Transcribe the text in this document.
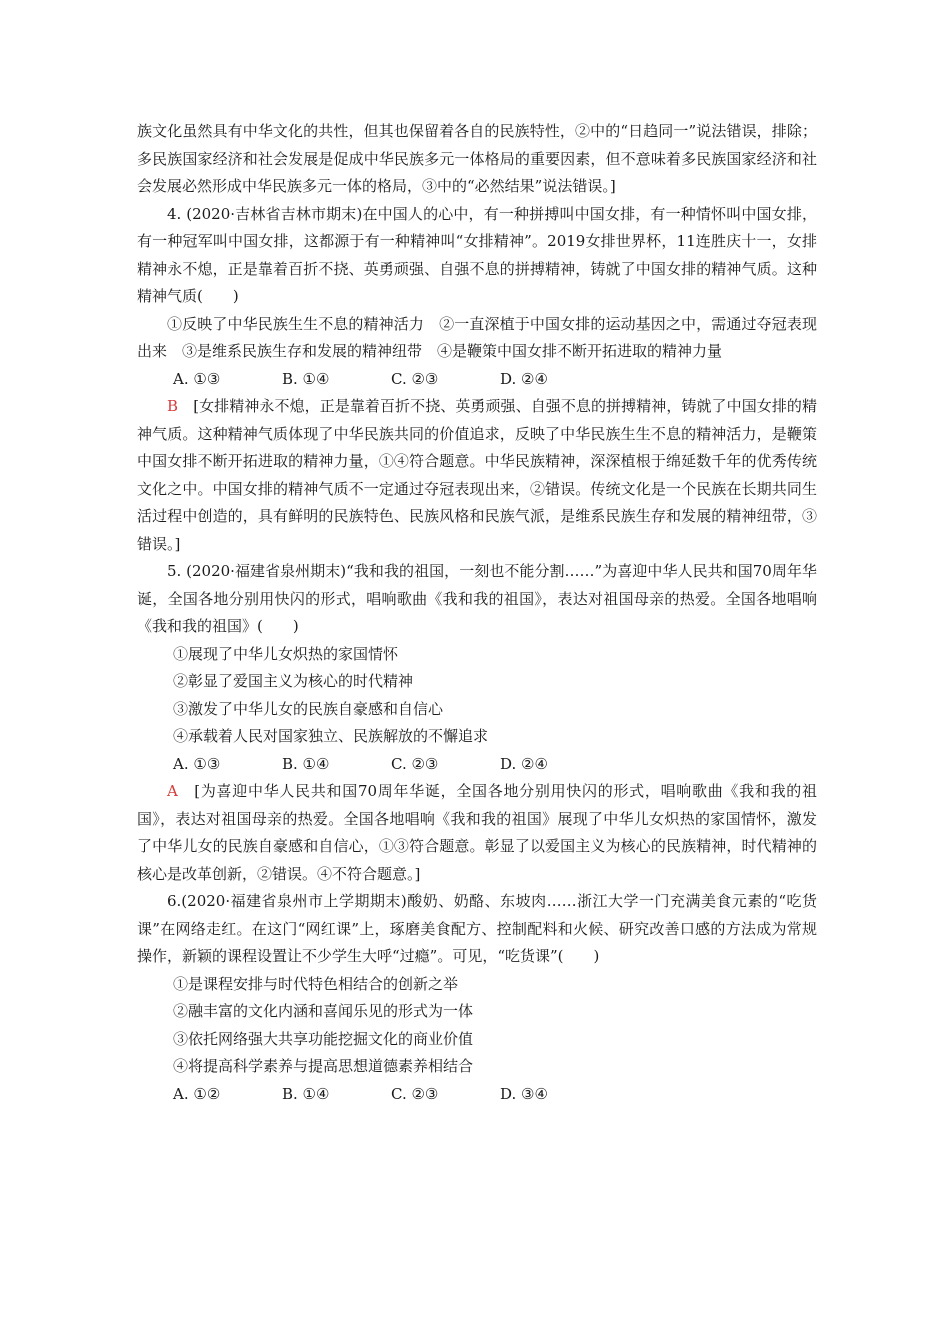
族文化虽然具有中华文化的共性，但其也保留着各自的民族特性，②中的“日趋同一”说法错误，排除；多民族国家经济和社会发展是促成中华民族多元一体格局的重要因素，但不意味着多民族国家经济和社会发展必然形成中华民族多元一体的格局，③中的“必然结果”说法错误。]

4. (2020·吉林省吉林市期末)在中国人的心中，有一种拼搏叫中国女排，有一种情怀叫中国女排，有一种冠军叫中国女排，这都源于有一种精神叫“女排精神”。2019女排世界杯，11连胜庆十一，女排精神永不熄，正是靠着百折不挠、英勇顽强、自强不息的拼搏精神，铸就了中国女排的精神气质。这种精神气质(　　)

①反映了中华民族生生不息的精神活力　②一直深植于中国女排的运动基因之中，需通过夺冠表现出来　③是维系民族生存和发展的精神纽带　④是鞭策中国女排不断开拓进取的精神力量

A. ①③	B. ①④	C. ②③	D. ②④

B　 [女排精神永不熄，正是靠着百折不挠、英勇顽强、自强不息的拼搏精神，铸就了中国女排的精神气质。这种精神气质体现了中华民族共同的价值追求，反映了中华民族生生不息的精神活力，是鞭策中国女排不断开拓进取的精神力量，①④符合题意。中华民族精神，深深植根于绵延数千年的优秀传统文化之中。中国女排的精神气质不一定通过夺冠表现出来，②错误。传统文化是一个民族在长期共同生活过程中创造的，具有鲜明的民族特色、民族风格和民族气派，是维系民族生存和发展的精神纽带，③错误。]

5. (2020·福建省泉州期末)“我和我的祖国，一刻也不能分割……”为喜迎中华人民共和国70周年华诞，全国各地分别用快闪的形式，唱响歌曲《我和我的祖国》，表达对祖国母亲的热爱。全国各地唱响《我和我的祖国》(　　)

①展现了中华儿女炽热的家国情怀

②彰显了爱国主义为核心的时代精神

③激发了中华儿女的民族自豪感和自信心

④承载着人民对国家独立、民族解放的不懈追求

A. ①③	B. ①④	C. ②③	D. ②④

A　 [为喜迎中华人民共和国70周年华诞，全国各地分别用快闪的形式，唱响歌曲《我和我的祖国》，表达对祖国母亲的热爱。全国各地唱响《我和我的祖国》展现了中华儿女炽热的家国情怀，激发了中华儿女的民族自豪感和自信心，①③符合题意。彰显了以爱国主义为核心的民族精神，时代精神的核心是改革创新，②错误。④不符合题意。]

6.(2020·福建省泉州市上学期期末)酸奶、奶酪、东坡肉……浙江大学一门充满美食元素的“吃货课”在网络走红。在这门“网红课”上，琢磨美食配方、控制配料和火候、研究改善口感的方法成为常规操作，新颖的课程设置让不少学生大呼“过瘾”。可见，“吃货课”(　　)

①是课程安排与时代特色相结合的创新之举

②融丰富的文化内涵和喜闻乐见的形式为一体

③依托网络强大共享功能挖掘文化的商业价值

④将提高科学素养与提高思想道德素养相结合

A. ①②	B. ①④	C. ②③	D. ③④
